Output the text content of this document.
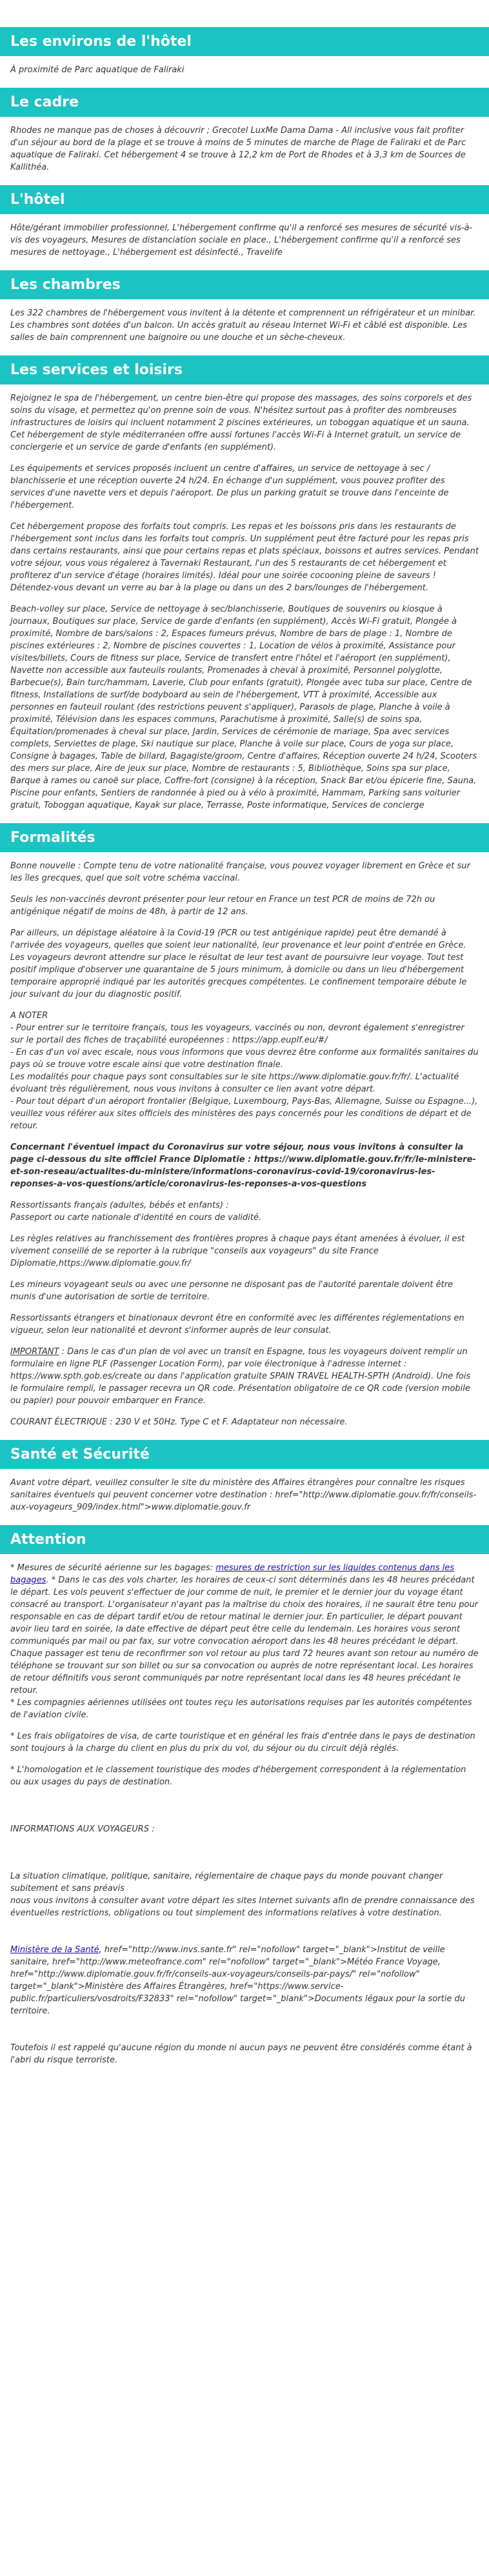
Les environs de l'hôtel

À proximité de Parc aquatique de Faliraki

Le cadre

Rhodes ne manque pas de choses à découvrir ; Grecotel LuxMe Dama Dama - All inclusive vous fait profiter d'un séjour au bord de la plage et se trouve à moins de 5 minutes de marche de Plage de Faliraki et de Parc aquatique de Faliraki. Cet hébergement 4 se trouve à 12,2 km de Port de Rhodes et à 3,3 km de Sources de Kallithéa.

L'hôtel

Hôte/gérant immobilier professionnel, L'hébergement confirme qu'il a renforcé ses mesures de sécurité vis-à-vis des voyageurs, Mesures de distanciation sociale en place., L'hébergement confirme qu'il a renforcé ses mesures de nettoyage., L'hébergement est désinfecté., Travelife

Les chambres

Les 322 chambres de l'hébergement vous invitent à la détente et comprennent un réfrigérateur et un minibar. Les chambres sont dotées d'un balcon. Un accès gratuit au réseau Internet Wi-Fi et câblé est disponible. Les salles de bain comprennent une baignoire ou une douche et un sèche-cheveux.

Les services et loisirs

Rejoignez le spa de l'hébergement, un centre bien-être qui propose des massages, des soins corporels et des soins du visage, et permettez qu'on prenne soin de vous. N'hésitez surtout pas à profiter des nombreuses infrastructures de loisirs qui incluent notamment 2 piscines extérieures, un toboggan aquatique et un sauna. Cet hébergement de style méditerranéen offre aussi fortunes l'accès Wi-Fi à Internet gratuit, un service de conciergerie et un service de garde d'enfants (en supplément).

Les équipements et services proposés incluent un centre d'affaires, un service de nettoyage à sec / blanchisserie et une réception ouverte 24 h/24. En échange d'un supplément, vous pouvez profiter des services d'une navette vers et depuis l'aéroport. De plus un parking gratuit se trouve dans l'enceinte de l'hébergement.

Cet hébergement propose des forfaits tout compris. Les repas et les boissons pris dans les restaurants de l'hébergement sont inclus dans les forfaits tout compris. Un supplément peut être facturé pour les repas pris dans certains restaurants, ainsi que pour certains repas et plats spéciaux, boissons et autres services. Pendant votre séjour, vous vous régalerez à Tavernaki Restaurant, l'un des 5 restaurants de cet hébergement et profiterez d'un service d'étage (horaires limités). Idéal pour une soirée cocooning pleine de saveurs ! Détendez-vous devant un verre au bar à la plage ou dans un des 2 bars/lounges de l'hébergement.

Beach-volley sur place, Service de nettoyage à sec/blanchisserie, Boutiques de souvenirs ou kiosque à journaux, Boutiques sur place, Service de garde d'enfants (en supplément), Accès Wi-Fi gratuit, Plongée à proximité, Nombre de bars/salons : 2, Espaces fumeurs prévus, Nombre de bars de plage : 1, Nombre de piscines extérieures : 2, Nombre de piscines couvertes : 1, Location de vélos à proximité, Assistance pour visites/billets, Cours de fitness sur place, Service de transfert entre l'hôtel et l'aéroport (en supplément), Navette non accessible aux fauteuils roulants, Promenades à cheval à proximité, Personnel polyglotte, Barbecue(s), Bain turc/hammam, Laverie, Club pour enfants (gratuit), Plongée avec tuba sur place, Centre de fitness, Installations de surf/de bodyboard au sein de l'hébergement, VTT à proximité, Accessible aux personnes en fauteuil roulant (des restrictions peuvent s'appliquer), Parasols de plage, Planche à voile à proximité, Télévision dans les espaces communs, Parachutisme à proximité, Salle(s) de soins spa, Équitation/promenades à cheval sur place, Jardin, Services de cérémonie de mariage, Spa avec services complets, Serviettes de plage, Ski nautique sur place, Planche à voile sur place, Cours de yoga sur place, Consigne à bagages, Table de billard, Bagagiste/groom, Centre d'affaires, Réception ouverte 24 h/24, Scooters des mers sur place, Aire de jeux sur place, Nombre de restaurants : 5, Bibliothèque, Soins spa sur place, Barque à rames ou canoë sur place, Coffre-fort (consigne) à la réception, Snack Bar et/ou épicerie fine, Sauna, Piscine pour enfants, Sentiers de randonnée à pied ou à vélo à proximité, Hammam, Parking sans voiturier gratuit, Toboggan aquatique, Kayak sur place, Terrasse, Poste informatique, Services de concierge

Formalités

Bonne nouvelle : Compte tenu de votre nationalité française, vous pouvez voyager librement en Grèce et sur les îles grecques, quel que soit votre schéma vaccinal.

Seuls les non-vaccinés devront présenter pour leur retour en France un test PCR de moins de 72h ou antigénique négatif de moins de 48h, à partir de 12 ans.

Par ailleurs, un dépistage aléatoire à la Covid-19 (PCR ou test antigénique rapide) peut être demandé à l'arrivée des voyageurs, quelles que soient leur nationalité, leur provenance et leur point d'entrée en Grèce. Les voyageurs devront attendre sur place le résultat de leur test avant de poursuivre leur voyage. Tout test positif implique d'observer une quarantaine de 5 jours minimum, à domicile ou dans un lieu d'hébergement temporaire approprié indiqué par les autorités grecques compétentes. Le confinement temporaire débute le jour suivant du jour du diagnostic positif.

A NOTER
- Pour entrer sur le territoire français, tous les voyageurs, vaccinés ou non, devront également s'enregistrer sur le portail des fiches de traçabilité européennes : https://app.euplf.eu/#/
- En cas d'un vol avec escale, nous vous informons que vous devrez être conforme aux formalités sanitaires du pays où se trouve votre escale ainsi que votre destination finale.
Les modalités pour chaque pays sont consultables sur le site https://www.diplomatie.gouv.fr/fr/. L'actualité évoluant très régulièrement, nous vous invitons à consulter ce lien avant votre départ.
- Pour tout départ d'un aéroport frontalier (Belgique, Luxembourg, Pays-Bas, Allemagne, Suisse ou Espagne...), veuillez vous référer aux sites officiels des ministères des pays concernés pour les conditions de départ et de retour.

Concernant l'éventuel impact du Coronavirus sur votre séjour, nous vous invitons à consulter la page ci-dessous du site officiel France Diplomatie : https://www.diplomatie.gouv.fr/fr/le-ministere-et-son-reseau/actualites-du-ministere/informations-coronavirus-covid-19/coronavirus-les-reponses-a-vos-questions/article/coronavirus-les-reponses-a-vos-questions

Ressortissants français (adultes, bébés et enfants) :
Passeport ou carte nationale d'identité en cours de validité.

Les règles relatives au franchissement des frontières propres à chaque pays étant amenées à évoluer, il est vivement conseillé de se reporter à la rubrique "conseils aux voyageurs" du site France Diplomatie,https://www.diplomatie.gouv.fr/

Les mineurs voyageant seuls ou avec une personne ne disposant pas de l'autorité parentale doivent être munis d'une autorisation de sortie de territoire.

Ressortissants étrangers et binationaux devront être en conformité avec les différentes réglementations en vigueur, selon leur nationalité et devront s'informer auprès de leur consulat.

IMPORTANT : Dans le cas d'un plan de vol avec un transit en Espagne, tous les voyageurs doivent remplir un formulaire en ligne PLF (Passenger Location Form), par voie électronique à l'adresse internet : https://www.spth.gob.es/create ou dans l'application gratuite SPAIN TRAVEL HEALTH-SPTH (Android). Une fois le formulaire rempli, le passager recevra un QR code. Présentation obligatoire de ce QR code (version mobile ou papier) pour pouvoir embarquer en France.

COURANT ÉLECTRIQUE : 230 V et 50Hz. Type C et F. Adaptateur non nécessaire.

Santé et Sécurité

Avant votre départ, veuillez consulter le site du ministère des Affaires étrangères pour connaître les risques sanitaires éventuels qui peuvent concerner votre destination : href="http://www.diplomatie.gouv.fr/fr/conseils-aux-voyageurs_909/index.html">www.diplomatie.gouv.fr

Attention

* Mesures de sécurité aérienne sur les bagages: mesures de restriction sur les liquides contenus dans les bagages. * Dans le cas des vols charter, les horaires de ceux-ci sont déterminés dans les 48 heures précédant le départ. Les vols peuvent s'effectuer de jour comme de nuit, le premier et le dernier jour du voyage étant consacré au transport. L'organisateur n'ayant pas la maîtrise du choix des horaires, il ne saurait être tenu pour responsable en cas de départ tardif et/ou de retour matinal le dernier jour. En particulier, le départ pouvant avoir lieu tard en soirée, la date effective de départ peut être celle du lendemain. Les horaires vous seront communiqués par mail ou par fax, sur votre convocation aéroport dans les 48 heures précédant le départ. Chaque passager est tenu de reconfirmer son vol retour au plus tard 72 heures avant son retour au numéro de téléphone se trouvant sur son billet ou sur sa convocation ou auprès de notre représentant local. Les horaires de retour définitifs vous seront communiqués par notre représentant local dans les 48 heures précédant le retour.
* Les compagnies aériennes utilisées ont toutes reçu les autorisations requises par les autorités compétentes de l'aviation civile.

* Les frais obligatoires de visa, de carte touristique et en général les frais d'entrée dans le pays de destination sont toujours à la charge du client en plus du prix du vol, du séjour ou du circuit déjà réglés.

* L'homologation et le classement touristique des modes d'hébergement correspondent à la réglementation ou aux usages du pays de destination.

INFORMATIONS AUX VOYAGEURS :

La situation climatique, politique, sanitaire, réglementaire de chaque pays du monde pouvant changer subitement et sans préavis
nous vous invitons à consulter avant votre départ les sites Internet suivants afin de prendre connaissance des éventuelles restrictions, obligations ou tout simplement des informations relatives à votre destination.

Ministère de la Santé, href="http://www.invs.sante.fr" rel="nofollow" target="_blank">Institut de veille sanitaire, href="http://www.meteofrance.com" rel="nofollow" target="_blank">Météo France Voyage, href="http://www.diplomatie.gouv.fr/fr/conseils-aux-voyageurs/conseils-par-pays/" rel="nofollow" target="_blank">Ministère des Affaires Étrangères, href="https://www.service-public.fr/particuliers/vosdroits/F32833" rel="nofollow" target="_blank">Documents légaux pour la sortie du territoire.

Toutefois il est rappelé qu'aucune région du monde ni aucun pays ne peuvent être considérés comme étant à l'abri du risque terroriste.
